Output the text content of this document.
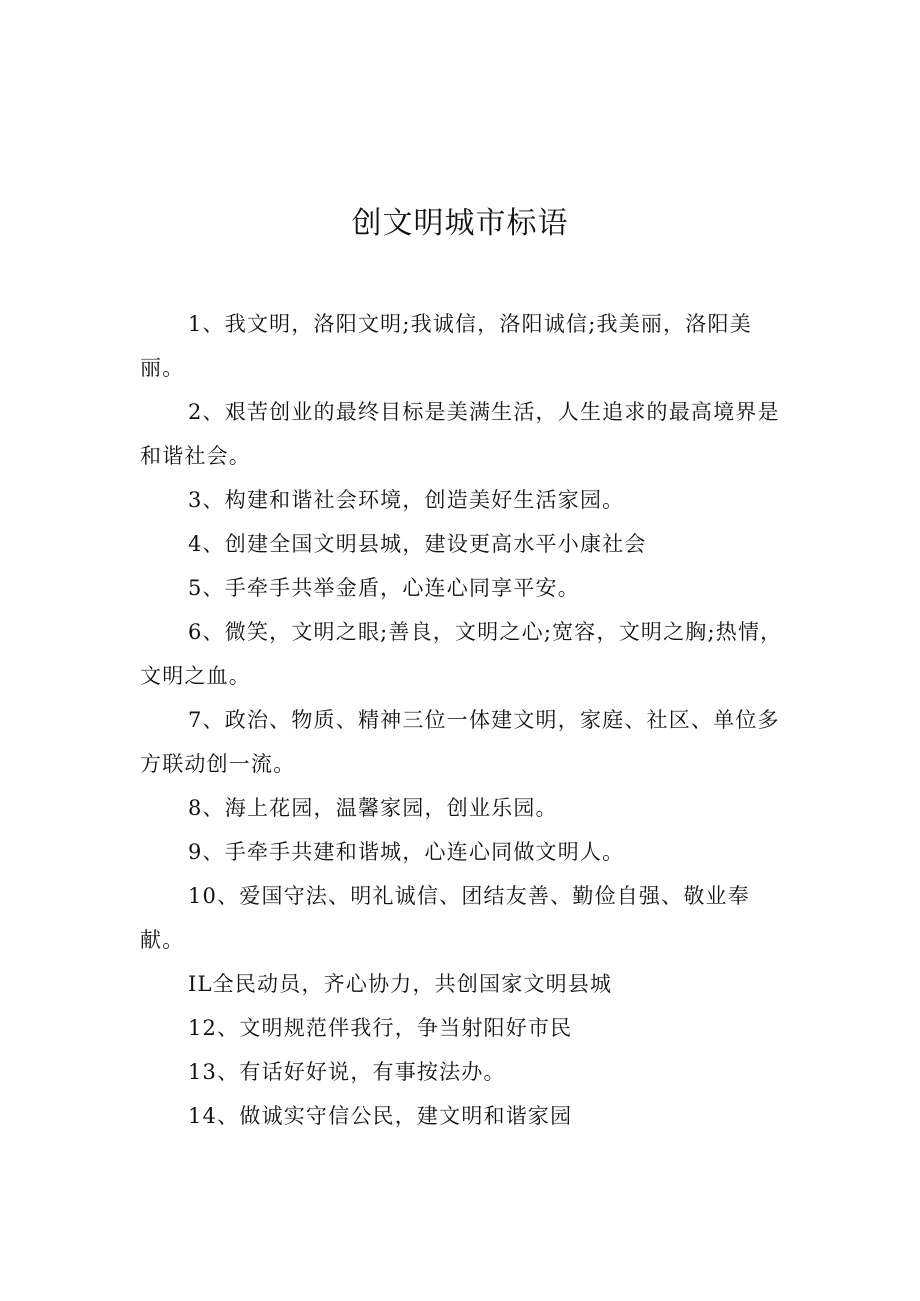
创文明城市标语

1、我文明，洛阳文明;我诚信，洛阳诚信;我美丽，洛阳美丽。

2、艰苦创业的最终目标是美满生活，人生追求的最高境界是和谐社会。

3、构建和谐社会环境，创造美好生活家园。

4、创建全国文明县城，建设更高水平小康社会

5、手牵手共举金盾，心连心同享平安。

6、微笑，文明之眼;善良，文明之心;宽容，文明之胸;热情，文明之血。

7、政治、物质、精神三位一体建文明，家庭、社区、单位多方联动创一流。

8、海上花园，温馨家园，创业乐园。

9、手牵手共建和谐城，心连心同做文明人。

10、爱国守法、明礼诚信、团结友善、勤俭自强、敬业奉献。

IL全民动员，齐心协力，共创国家文明县城

12、文明规范伴我行，争当射阳好市民

13、有话好好说，有事按法办。

14、做诚实守信公民，建文明和谐家园
